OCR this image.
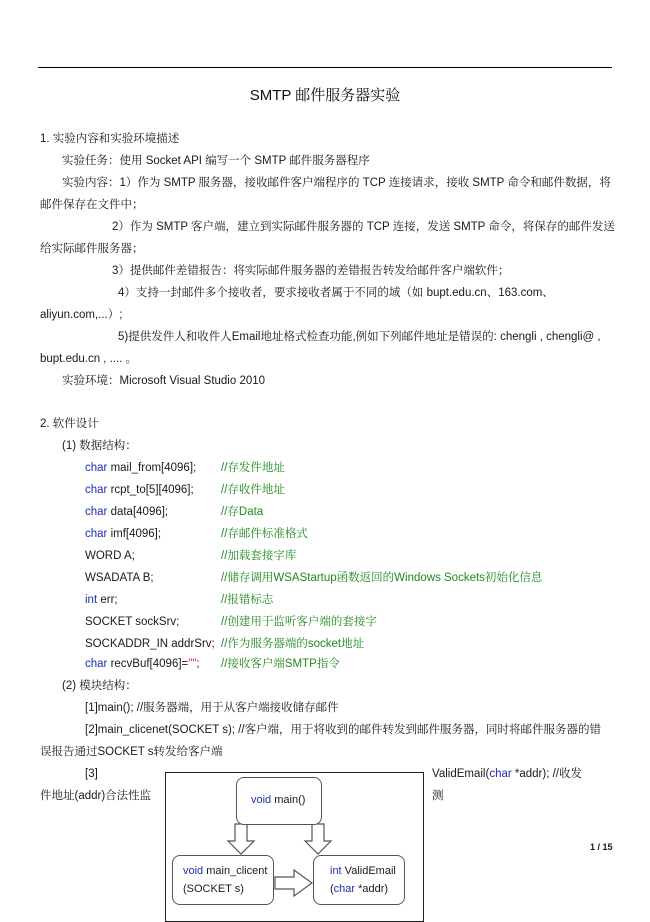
SMTP 邮件服务器实验
1. 实验内容和实验环境描述
实验任务：使用 Socket API 编写一个 SMTP 邮件服务器程序
实验内容：1）作为 SMTP 服务器，接收邮件客户端程序的 TCP 连接请求，接收 SMTP 命令和邮件数据，将
邮件保存在文件中；
2）作为 SMTP 客户端，建立到实际邮件服务器的 TCP 连接，发送 SMTP 命令，将保存的邮件发送
给实际邮件服务器；
3）提供邮件差错报告：将实际邮件服务器的差错报告转发给邮件客户端软件；
4）支持一封邮件多个接收者，要求接收者属于不同的域（如 bupt.edu.cn、163.com、
aliyun.com,...）;
5)提供发件人和收件人Email地址格式检查功能,例如下列邮件地址是错误的: chengli , chengli@ ,
bupt.edu.cn , .... 。
实验环境：Microsoft Visual Studio 2010
2. 软件设计
(1) 数据结构：
char mail_from[4096]; //存发件地址
char rcpt_to[5][4096]; //存收件地址
char data[4096];	//存Data
char imf[4096];	//存邮件标准格式
WORD A;	//加载套接字库
WSADATA B;	//储存调用WSAStartup函数返回的Windows Sockets初始化信息
int err;	//报错标志
SOCKET sockSrv;	//创建用于监听客户端的套接字
SOCKADDR_IN addrSrv; //作为服务器端的socket地址
char recvBuf[4096]=""; //接收客户端SMTP指令
(2) 模块结构：
[1]main(); //服务器端，用于从客户端接收储存邮件
[2]main_clicenet(SOCKET s); //客户端，用于将收到的邮件转发到邮件服务器，同时将邮件服务器的错
误报告通过SOCKET s转发给客户端
[3]	ValidEmail(char *addr); //收发
件地址(addr)合法性监	测
void main()
void main_clicent
(SOCKET s)
int ValidEmail
(char *addr)
1 / 15
